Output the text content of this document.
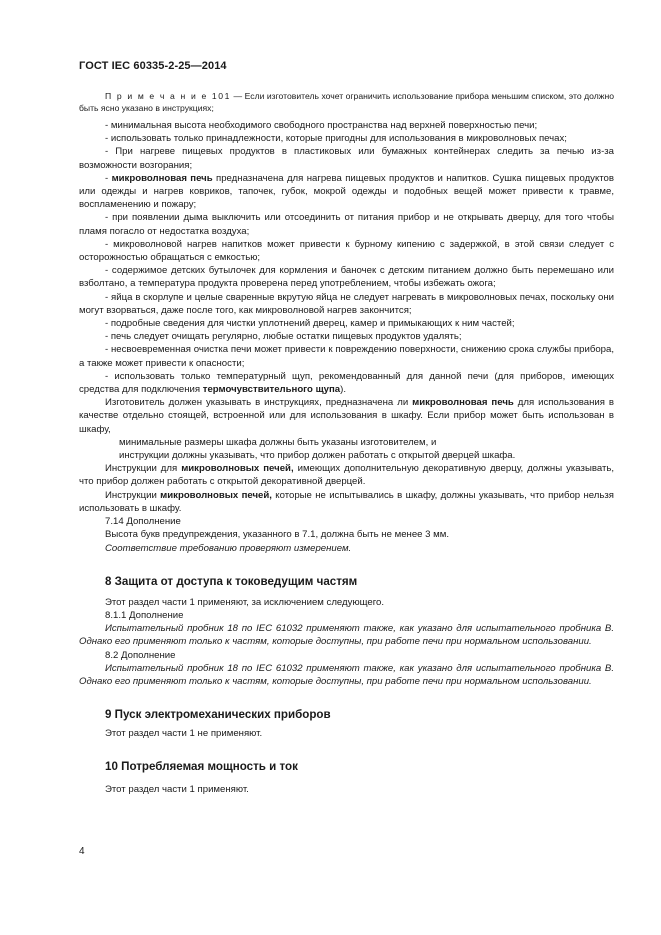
ГОСТ IEC 60335-2-25—2014
П р и м е ч а н и е 101 — Если изготовитель хочет ограничить использование прибора меньшим списком, это должно быть ясно указано в инструкциях;

- минимальная высота необходимого свободного пространства над верхней поверхностью печи;

- использовать только принадлежности, которые пригодны для использования в микроволновых печах;

- При нагреве пищевых продуктов в пластиковых или бумажных контейнерах следить за печью из-за возможности возгорания;

- микроволновая печь предназначена для нагрева пищевых продуктов и напитков. Сушка пищевых продуктов или одежды и нагрев ковриков, тапочек, губок, мокрой одежды и подобных вещей может привести к травме, воспламенению и пожару;

- при появлении дыма выключить или отсоединить от питания прибор и не открывать дверцу, для того чтобы пламя погасло от недостатка воздуха;

- микроволновой нагрев напитков может привести к бурному кипению с задержкой, в этой связи следует с осторожностью обращаться с емкостью;

- содержимое детских бутылочек для кормления и баночек с детским питанием должно быть перемешано или взболтано, а температура продукта проверена перед употреблением, чтобы избежать ожога;

- яйца в скорлупе и целые сваренные вкрутую яйца не следует нагревать в микроволновых печах, поскольку они могут взорваться, даже после того, как микроволновой нагрев закончится;

- подробные сведения для чистки уплотнений дверец, камер и примыкающих к ним частей;

- печь следует очищать регулярно, любые остатки пищевых продуктов удалять;

- несвоевременная очистка печи может привести к повреждению поверхности, снижению срока службы прибора, а также может привести к опасности;

- использовать только температурный щуп, рекомендованный для данной печи (для приборов, имеющих средства для подключения термочувствительного щупа).

Изготовитель должен указывать в инструкциях, предназначена ли микроволновая печь для использования в качестве отдельно стоящей, встроенной или для использования в шкафу. Если прибор может быть использован в шкафу,

минимальные размеры шкафа должны быть указаны изготовителем, и

инструкции должны указывать, что прибор должен работать с открытой дверцей шкафа.

Инструкции для микроволновых печей, имеющих дополнительную декоративную дверцу, должны указывать, что прибор должен работать с открытой декоративной дверцей.

Инструкции микроволновых печей, которые не испытывались в шкафу, должны указывать, что прибор нельзя использовать в шкафу.

7.14 Дополнение

Высота букв предупреждения, указанного в 7.1, должна быть не менее 3 мм.

Соответствие требованию проверяют измерением.

8 Защита от доступа к токоведущим частям

Этот раздел части 1 применяют, за исключением следующего.

8.1.1 Дополнение

Испытательный пробник 18 по IEC 61032 применяют также, как указано для испытательного пробника B. Однако его применяют только к частям, которые доступны, при работе печи при нормальном использовании.

8.2 Дополнение

Испытательный пробник 18 по IEC 61032 применяют также, как указано для испытательного пробника B. Однако его применяют только к частям, которые доступны, при работе печи при нормальном использовании.

9 Пуск электромеханических приборов

Этот раздел части 1 не применяют.

10 Потребляемая мощность и ток

Этот раздел части 1 применяют.

4
